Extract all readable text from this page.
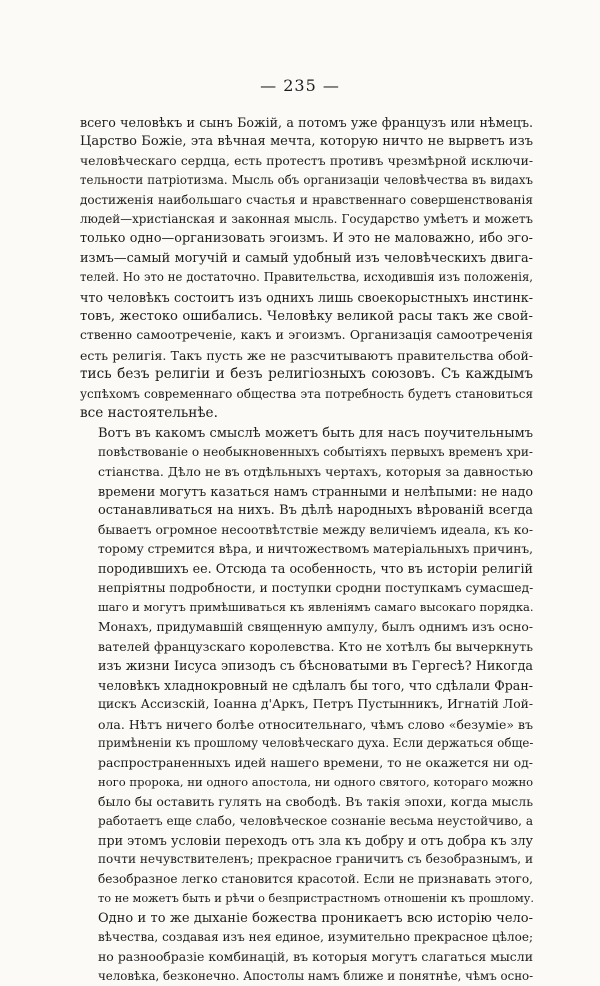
— 235 —

всего человѣкъ и сынъ Божій, а потомъ уже французъ или нѣмецъ.
Царство Божіе, эта вѣчная мечта, которую ничто не вырветъ изъ
человѣческаго сердца, есть протестъ противъ чрезмѣрной исключи-
тельности патріотизма. Мысль объ организаціи человѣчества въ видахъ
достиженія наибольшаго счастья и нравственнаго совершенствованія
людей—христіанская и законная мысль. Государство умѣетъ и можетъ
только одно—организовать эгоизмъ. И это не маловажно, ибо эго-
измъ—самый могучій и самый удобный изъ человѣческихъ двига-
телей. Но это не достаточно. Правительства, исходившія изъ положенія,
что человѣкъ состоитъ изъ однихъ лишь своекорыстныхъ инстинк-
товъ, жестоко ошибались. Человѣку великой расы такъ же свой-
ственно самоотреченіе, какъ и эгоизмъ. Организація самоотреченія
есть религія. Такъ пусть же не разсчитываютъ правительства обой-
тись безъ религіи и безъ религіозныхъ союзовъ. Съ каждымъ
успѣхомъ современнаго общества эта потребность будетъ становиться
все настоятельнѣе.

Вотъ въ какомъ смыслѣ можетъ быть для насъ поучительнымъ
повѣствованіе о необыкновенныхъ событіяхъ первыхъ временъ хри-
стіанства. Дѣло не въ отдѣльныхъ чертахъ, которыя за давностью
времени могутъ казаться намъ странными и нелѣпыми: не надо
останавливаться на нихъ. Въ дѣлѣ народныхъ вѣрованій всегда
бываетъ огромное несоотвѣтствіе между величіемъ идеала, къ ко-
торому стремится вѣра, и ничтожествомъ матеріальныхъ причинъ,
породившихъ ее. Отсюда та особенность, что въ исторіи религій
непріятны подробности, и поступки сродни поступкамъ сумасшед-
шаго и могутъ примѣшиваться къ явленіямъ самаго высокаго порядка.
Монахъ, придумавшій священную ампулу, былъ однимъ изъ осно-
вателей французскаго королевства. Кто не хотѣлъ бы вычеркнуть
изъ жизни Іисуса эпизодъ съ бѣсноватыми въ Гергесѣ? Никогда
человѣкъ хладнокровный не сдѣлалъ бы того, что сдѣлали Фран-
цискъ Ассизскій, Іоанна д'Аркъ, Петръ Пустынникъ, Игнатій Лой-
ола. Нѣтъ ничего болѣе относительнаго, чѣмъ слово «безуміе» въ
примѣненіи къ прошлому человѣческаго духа. Если держаться обще-
распространенныхъ идей нашего времени, то не окажется ни од-
ного пророка, ни одного апостола, ни одного святого, котораго можно
было бы оставить гулять на свободѣ. Въ такія эпохи, когда мысль
работаетъ еще слабо, человѣческое сознаніе весьма неустойчиво, а
при этомъ условіи переходъ отъ зла къ добру и отъ добра къ злу
почти нечувствителенъ; прекрасное граничитъ съ безобразнымъ, и
безобразное легко становится красотой. Если не признавать этого,
то не можетъ быть и рѣчи о безпристрастномъ отношеніи къ прошлому.
Одно и то же дыханіе божества проникаетъ всю исторію чело-
вѣчества, создавая изъ нея единое, изумительно прекрасное цѣлое;
но разнообразіе комбинацій, въ которыя могутъ слагаться мысли
человѣка, безконечно. Апостолы намъ ближе и понятнѣе, чѣмъ осно-
